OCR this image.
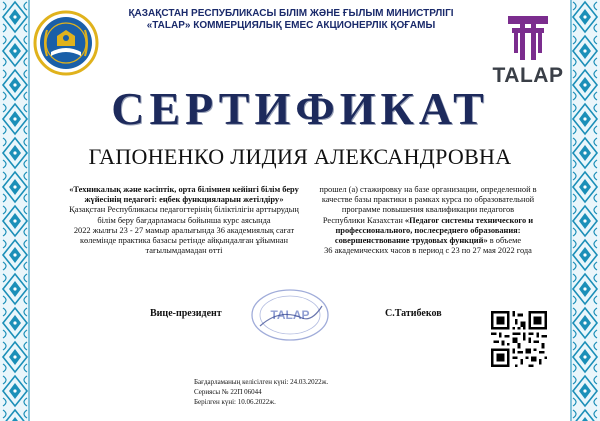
ҚАЗАҚСТАН РЕСПУБЛИКАСЫ БІЛІМ ЖӘНЕ ҒЫЛЫМ МИНИСТРЛІГІ
«TALAP» КОММЕРЦИЯЛЫҚ ЕМЕС АКЦИОНЕРЛІК ҚОҒАМЫ
TALAP
СЕРТИФИКАТ
ГАПОНЕНКО ЛИДИЯ АЛЕКСАНДРОВНА
«Техникалық және кәсіптік, орта білімнен кейінгі білім беру
жүйесінің педагогі: еңбек функцияларын жетілдіру»
Қазақстан Республикасы педагогтерінің біліктілігін арттырудың
білім беру бағдарламасы бойынша курс аясында
2022 жылғы 23 - 27 мамыр аралығында 36 академиялық сағат
көлемінде практика базасы ретінде айқындалған ұйымнан
тағылымдамадан өтті
прошел (а) стажировку на базе организации, определенной в
качестве базы практики в рамках курса по образовательной
программе повышения квалификации педагогов
Республики Казахстан «Педагог системы технического и
профессионального, послесреднего образования:
совершенствование трудовых функций» в объеме
36 академических часов в период с 23 по 27 мая 2022 года
Вице-президент	TALAP	С.Татибеков
Бағдарламаның келісілген күні: 24.03.2022ж.
Сериясы № 22П 06044
Берілген күні: 10.06.2022ж.
